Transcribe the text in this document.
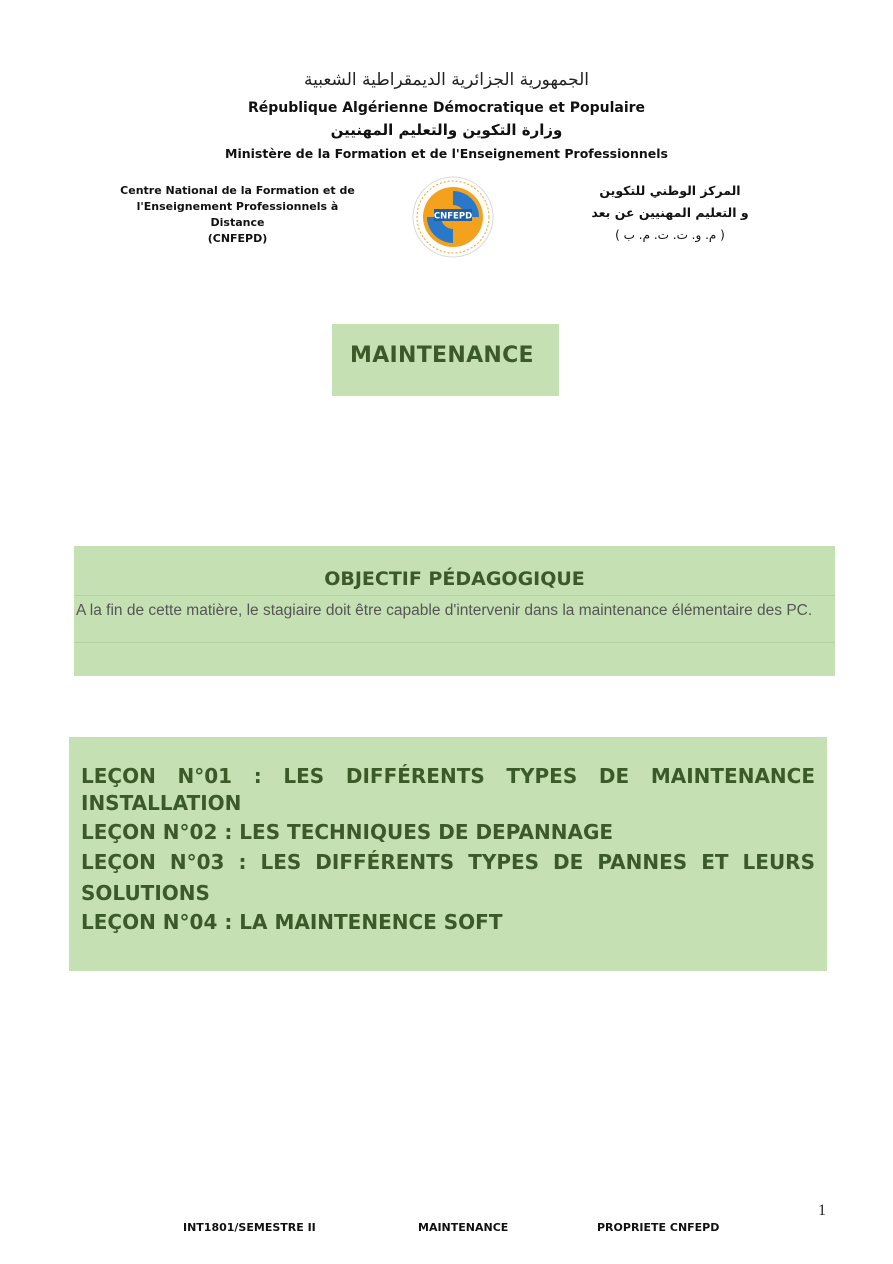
الجمهورية الجزائرية الديمقراطية الشعبية
République Algérienne Démocratique et Populaire
وزارة التكوين والتعليم المهنيين
Ministère de la Formation et de l'Enseignement Professionnels
Centre National de la Formation et de
l'Enseignement Professionnels à Distance
(CNFEPD)
المركز الوطني للتكوين
و التعليم المهنيين عن بعد
( م. و. ت. ت. م. ب )
CNFEPD
MAINTENANCE
OBJECTIF PÉDAGOGIQUE
A la fin de cette matière, le stagiaire doit être capable d'intervenir dans la maintenance élémentaire des PC.
LEÇON N°01 : LES DIFFÉRENTS TYPES DE MAINTENANCE INSTALLATION
LEÇON N°02 : LES TECHNIQUES DE DEPANNAGE
LEÇON N°03 : LES DIFFÉRENTS TYPES DE PANNES ET LEURS SOLUTIONS
LEÇON N°04 : LA MAINTENENCE SOFT
1
INT1801/SEMESTRE II	MAINTENANCE	PROPRIETE CNFEPD
